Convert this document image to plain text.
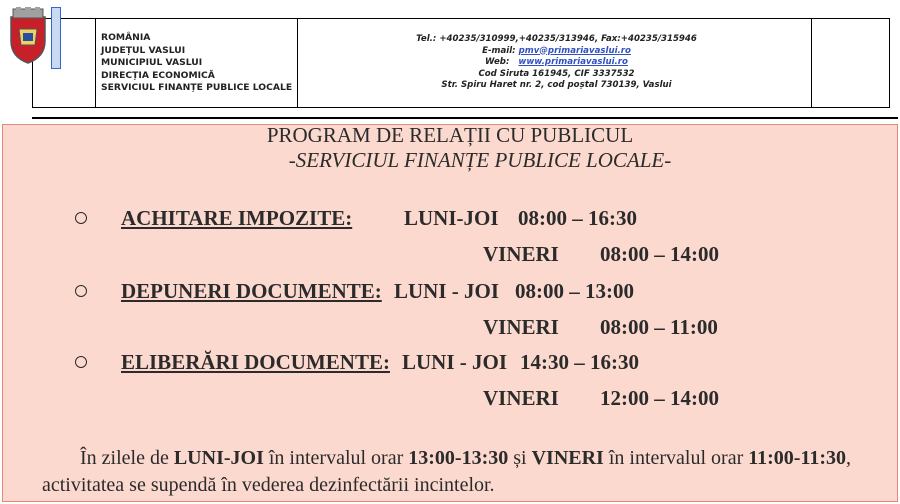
ROMÂNIA
JUDEȚUL VASLUI
MUNICIPIUL VASLUI
DIRECȚIA ECONOMICĂ
SERVICIUL FINANȚE PUBLICE LOCALE
Tel.: +40235/310999,+40235/313946, Fax:+40235/315946
E-mail: pmv@primariavaslui.ro
Web: www.primariavaslui.ro
Cod Siruta 161945, CIF 3337532
Str. Spiru Haret nr. 2, cod poștal 730139, Vaslui
PROGRAM DE RELAȚII CU PUBLICUL
-SERVICIUL FINANȚE PUBLICE LOCALE-
ACHITARE IMPOZITE: LUNI-JOI 08:00 – 16:30
VINERI 08:00 – 14:00
DEPUNERI DOCUMENTE: LUNI - JOI 08:00 – 13:00
VINERI 08:00 – 11:00
ELIBERĂRI DOCUMENTE: LUNI - JOI 14:30 – 16:30
VINERI 12:00 – 14:00
În zilele de LUNI-JOI în intervalul orar 13:00-13:30 și VINERI în intervalul orar 11:00-11:30, activitatea se supendă în vederea dezinfectării incintelor.
